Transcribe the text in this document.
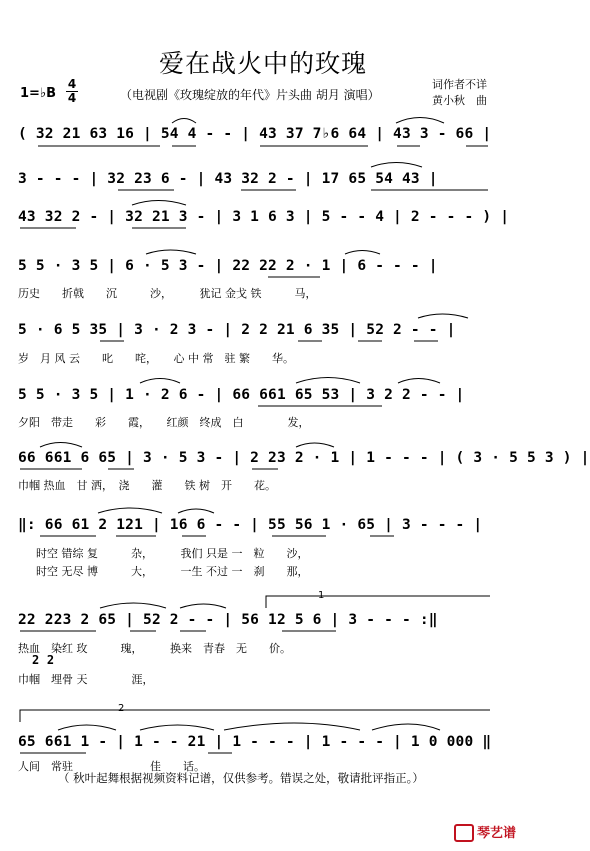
爱在战火中的玫瑰
1=♭B
4
4	（电视剧《玫瑰绽放的年代》片头曲 胡月 演唱）
词作者不详
黄小秋　曲
( 32 21 63 16 | 54 4 - - | 43 37 7♭6 64 | 43 3 - 66 |
3 - - - | 32 23 6 - | 43 32 2 - | 17 65 54 43 |
43 32 2 - | 32 21 3 - | 3 1 6 3 | 5 - - 4 | 2 - - - ) |
5 5 · 3 5 | 6 · 5 3 - | 22 22 2 · 1 | 6 - - - |
历史　　折戟　　沉　　　沙，　　　犹记 金戈 铁　　　马，
5 · 6 5 35 | 3 · 2 3 - | 2 2 21 6 35 | 52 2 - - |
岁　月 风 云　　叱　　咤，　　心 中 常　驻 繁　　华。
5 5 · 3 5 | 1 · 2 6 - | 66 661 65 53 | 3 2 2 - - |
夕阳　带走　　彩　　霞，　　红颜　终成　白　　　　发，
66 661 6 65 | 3 · 5 3 - | 2 23 2 · 1 | 1 - - - | ( 3 · 5 5 3 ) |
巾帼 热血　甘 洒，　浇　　灌　　铁 树　开　　花。
‖: 66 61 2 121 | 16 6 - - | 55 56 1 · 65 | 3 - - - |
时空 错综 复　　　杂，　　　我们 只是 一　粒　　沙，
时空 无尽 博　　　大，　　　一生 不过 一　刹　　那，
1
22 223 2 65 | 52 2 - - | 56 12 5 6 | 3 - - - :‖
热血　染红 玫　　　瑰，　　　换来　青春　无　　价。
2 2
巾帼　埋骨 天　　　　涯，
2
65 661 1 - | 1 - - 21 | 1 - - - | 1 - - - | 1 0 000 ‖
人间　常驻　　　　　　　佳　　话。
（ 秋叶起舞根据视频资料记谱，仅供参考。错误之处，敬请批评指正。）
琴艺谱
